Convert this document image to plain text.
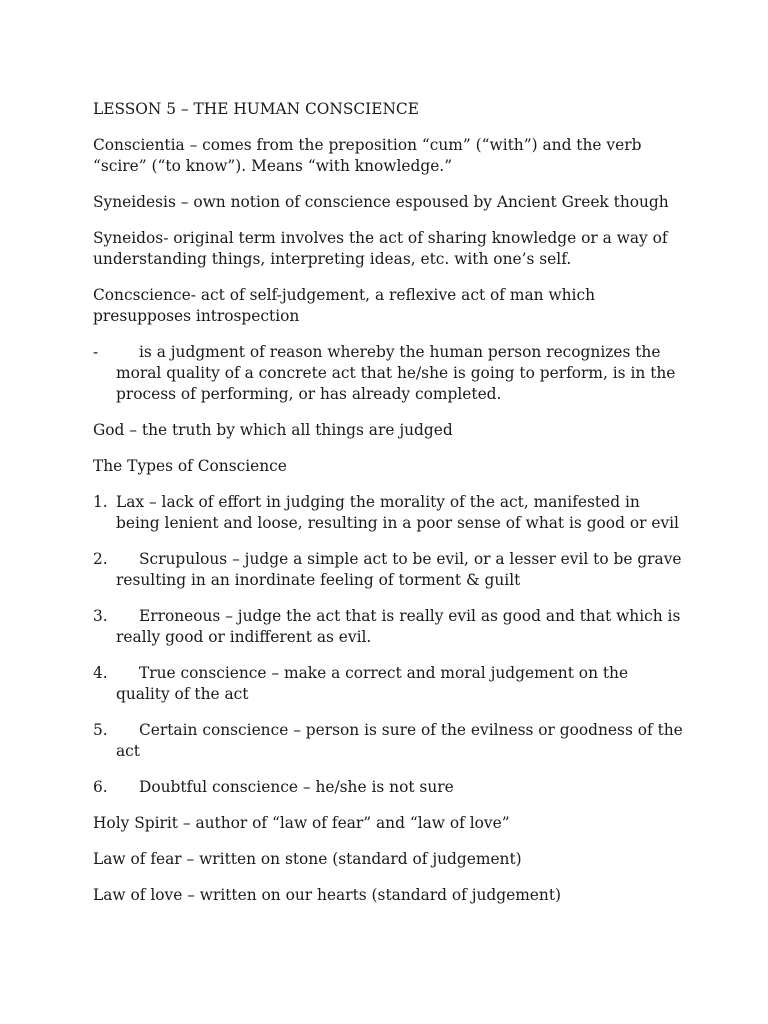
LESSON 5 – THE HUMAN CONSCIENCE

Conscientia – comes from the preposition “cum” (“with”) and the verb “scire” (“to know”). Means “with knowledge.”

Syneidesis – own notion of conscience espoused by Ancient Greek though

Syneidos- original term involves the act of sharing knowledge or a way of understanding things, interpreting ideas, etc. with one’s self.

Concscience- act of self-judgement, a reflexive act of man which presupposes introspection

-	is a judgment of reason whereby the human person recognizes the moral quality of a concrete act that he/she is going to perform, is in the process of performing, or has already completed.

God – the truth by which all things are judged

The Types of Conscience

1. Lax – lack of effort in judging the morality of the act, manifested in being lenient and loose, resulting in a poor sense of what is good or evil
2. Scrupulous – judge a simple act to be evil, or a lesser evil to be grave resulting in an inordinate feeling of torment & guilt
3. Erroneous – judge the act that is really evil as good and that which is really good or indifferent as evil.
4. True conscience – make a correct and moral judgement on the quality of the act
5. Certain conscience – person is sure of the evilness or goodness of the act
6. Doubtful conscience – he/she is not sure

Holy Spirit – author of “law of fear” and “law of love”

Law of fear – written on stone (standard of judgement)

Law of love – written on our hearts (standard of judgement)
